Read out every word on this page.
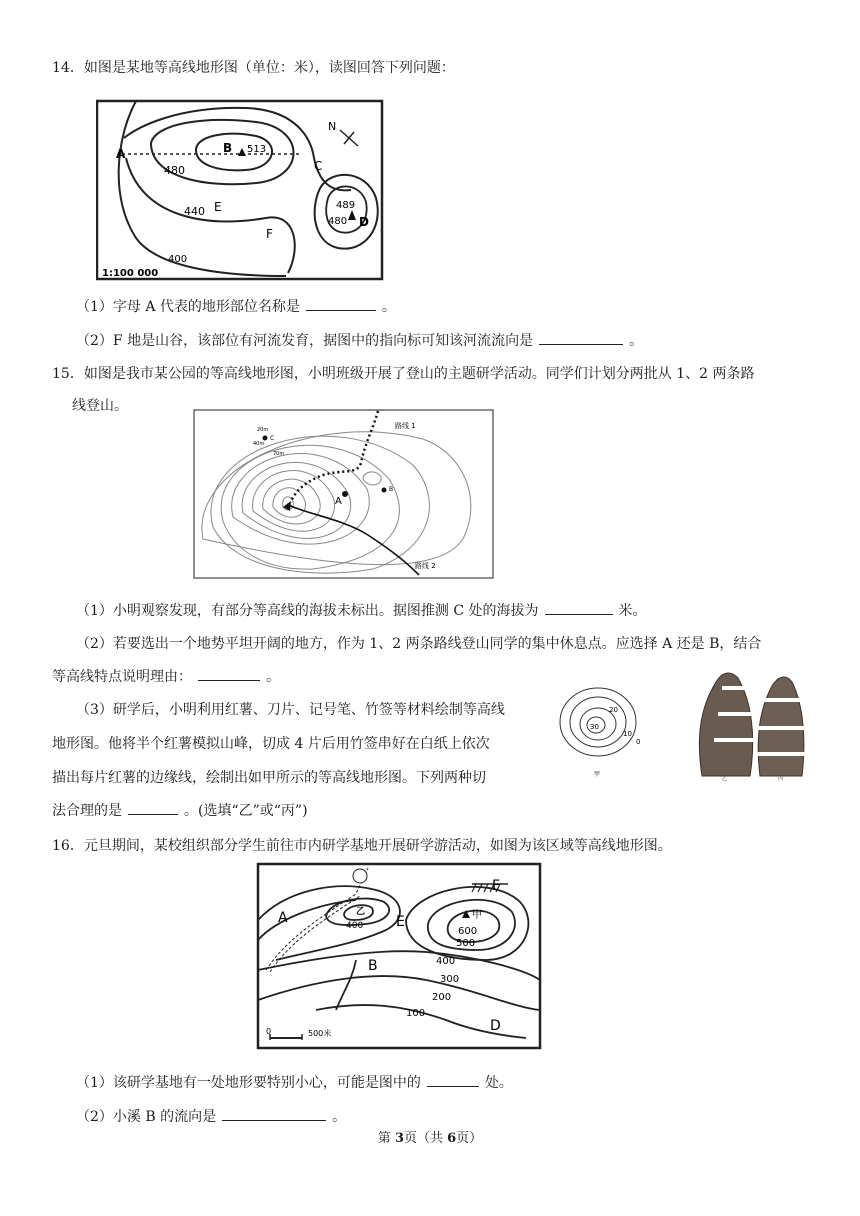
14．如图是某地等高线地形图（单位：米），读图回答下列问题：
N
A	B 513
C
480
440 E	489
480 D
F
400
1:100 000
（1）字母 A 代表的地形部位名称是	。
（2）F 地是山谷，该部位有河流发育，据图中的指向标可知该河流流向是	。
15．如图是我市某公园的等高线地形图，小明班级开展了登山的主题研学活动。同学们计划分两批从 1、2 两条路
线登山。
路线 1
路线 2
A
B
C
70m
20m
40m
（1）小明观察发现，有部分等高线的海拔未标出。据图推测 C 处的海拔为	米。
（2）若要选出一个地势平坦开阔的地方，作为 1、2 两条路线登山同学的集中休息点。应选择 A 还是 B，结合
等高线特点说明理由：	。
（3）研学后，小明利用红薯、刀片、记号笔、竹签等材料绘制等高线
地形图。他将半个红薯模拟山峰，切成 4 片后用竹签串好在白纸上依次
描出每片红薯的边缘线，绘制出如甲所示的等高线地形图。下列两种切
法合理的是	。(选填“乙”或“丙”)
30
20
10
0
甲
乙	丙
16．元旦期间，某校组织部分学生前往市内研学基地开展研学游活动，如图为该区域等高线地形图。
A	乙
400 E
F
甲
600
500
B	400
300
200
100
D
0	500米
（1）该研学基地有一处地形要特别小心，可能是图中的	处。
（2）小溪 B 的流向是	。
第 3页（共 6页）
